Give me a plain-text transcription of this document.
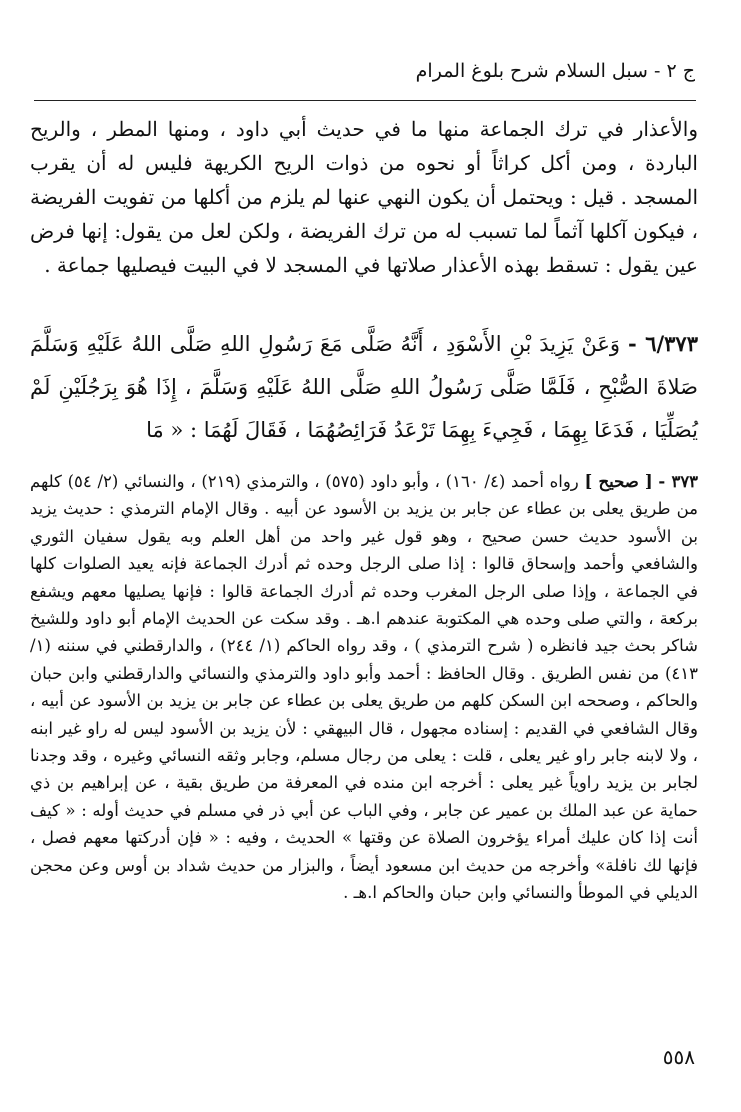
ج ٢ - سبل السلام شرح بلوغ المرام
والأعذار في ترك الجماعة منها ما في حديث أبي داود ، ومنها المطر ، والريح الباردة ، ومن أكل كراثاً أو نحوه من ذوات الريح الكريهة فليس له أن يقرب المسجد . قيل : ويحتمل أن يكون النهي عنها لم يلزم من أكلها من تفويت الفريضة ، فيكون آكلها آثماً لما تسبب له من ترك الفريضة ، ولكن لعل من يقول: إنها فرض عين يقول : تسقط بهذه الأعذار صلاتها في المسجد لا في البيت فيصليها جماعة .
٦/٣٧٣ - وَعَنْ يَزِيدَ بْنِ الأَسْوَدِ ، أَنَّهُ صَلَّى مَعَ رَسُولِ اللهِ صَلَّى اللهُ عَلَيْهِ وَسَلَّمَ صَلاةَ الصُّبْحِ ، فَلَمَّا صَلَّى رَسُولُ اللهِ صَلَّى اللهُ عَلَيْهِ وَسَلَّمَ ، إِذَا هُوَ بِرَجُلَيْنِ لَمْ يُصَلِّيَا ، فَدَعَا بِهِمَا ، فَجِيءَ بِهِمَا تَرْعَدُ فَرَائِصُهُمَا ، فَقَالَ لَهُمَا : « مَا
٣٧٣ - [ صحيح ] رواه أحمد (٤/ ١٦٠) ، وأبو داود (٥٧٥) ، والترمذي (٢١٩) ، والنسائي (٢/ ٥٤) كلهم من طريق يعلى بن عطاء عن جابر بن يزيد بن الأسود عن أبيه . وقال الإمام الترمذي : حديث يزيد بن الأسود حديث حسن صحيح ، وهو قول غير واحد من أهل العلم وبه يقول سفيان الثوري والشافعي وأحمد وإسحاق قالوا : إذا صلى الرجل وحده ثم أدرك الجماعة فإنه يعيد الصلوات كلها في الجماعة ، وإذا صلى الرجل المغرب وحده ثم أدرك الجماعة قالوا : فإنها يصليها معهم ويشفع بركعة ، والتي صلى وحده هي المكتوبة عندهم ا.هـ . وقد سكت عن الحديث الإمام أبو داود وللشيخ شاكر بحث جيد فانظره ( شرح الترمذي ) ، وقد رواه الحاكم (١/ ٢٤٤) ، والدارقطني في سننه (١/ ٤١٣) من نفس الطريق . وقال الحافظ : أحمد وأبو داود والترمذي والنسائي والدارقطني وابن حبان والحاكم ، وصححه ابن السكن كلهم من طريق يعلى بن عطاء عن جابر بن يزيد بن الأسود عن أبيه ، وقال الشافعي في القديم : إسناده مجهول ، قال البيهقي : لأن يزيد بن الأسود ليس له راو غير ابنه ، ولا لابنه جابر راو غير يعلى ، قلت : يعلى من رجال مسلم، وجابر وثقه النسائي وغيره ، وقد وجدنا لجابر بن يزيد راوياً غير يعلى : أخرجه ابن منده في المعرفة من طريق بقية ، عن إبراهيم بن ذي حماية عن عبد الملك بن عمير عن جابر ، وفي الباب عن أبي ذر في مسلم في حديث أوله : « كيف أنت إذا كان عليك أمراء يؤخرون الصلاة عن وقتها » الحديث ، وفيه : « فإن أدركتها معهم فصل ، فإنها لك نافلة» وأخرجه من حديث ابن مسعود أيضاً ، والبزار من حديث شداد بن أوس وعن محجن الديلي في الموطأ والنسائي وابن حبان والحاكم ا.هـ .
٥٥٨
